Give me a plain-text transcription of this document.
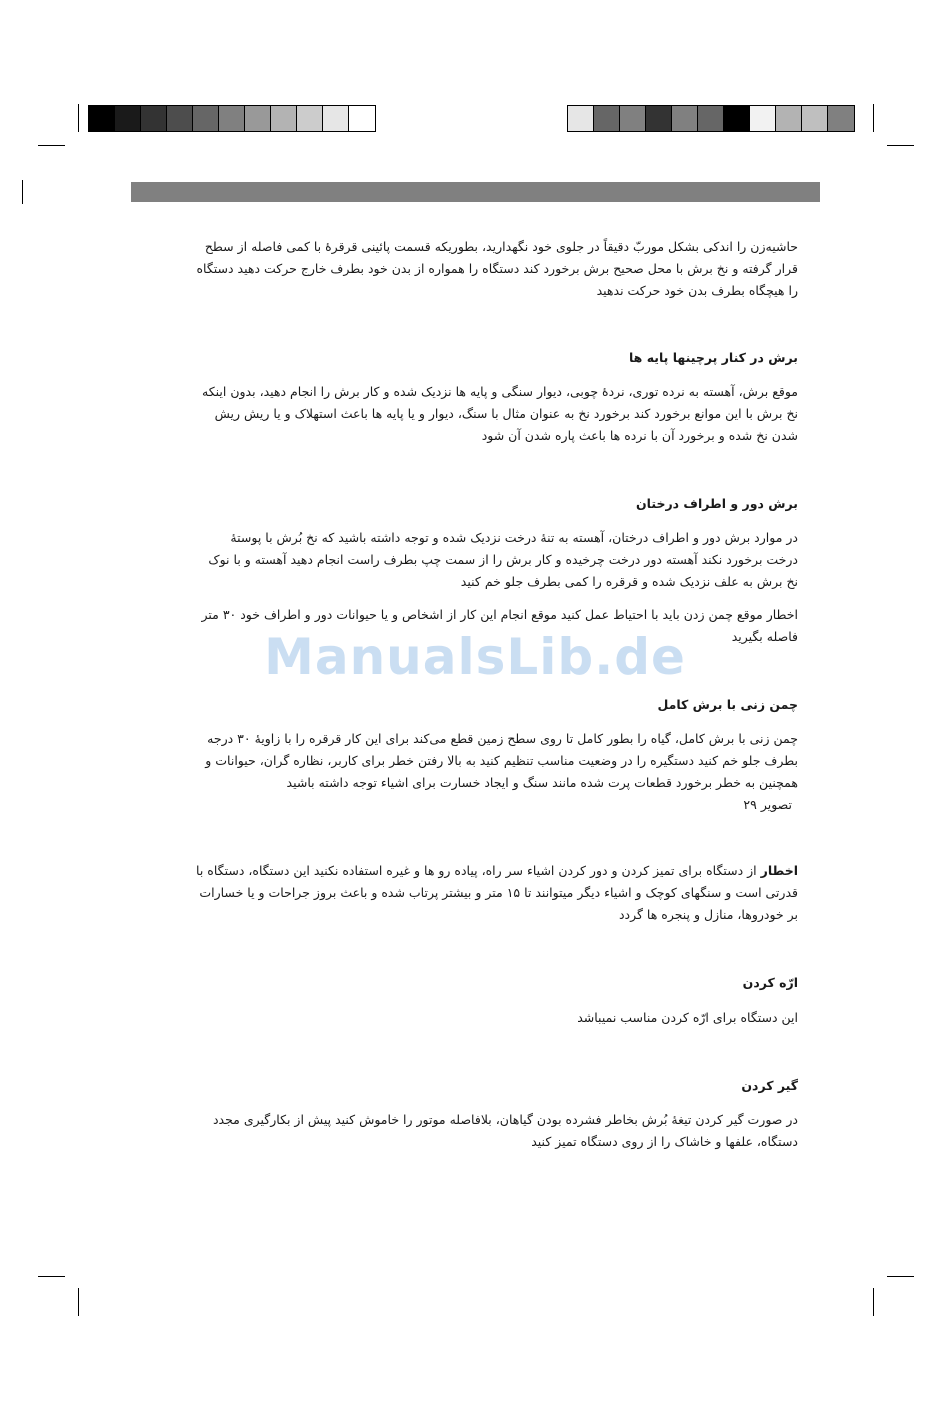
ManualsLib.de

حاشیه‌زن را اندکی بشکل موربّ دقیقاً در جلوی خود نگهدارید، بطوریکه قسمت پائینی قرقرهٔ با کمی فاصله از سطح قرار گرفته و نخ برش با محل صحیح برش برخورد کند دستگاه را همواره از بدن خود بطرف خارج حرکت دهید دستگاه را هیچگاه بطرف بدن خود حرکت ندهید

برش در کنار پرچینها پایه ها

موقع برش، آهسته به نرده توری، نردهٔ چوبی، دیوار سنگی و پایه ها نزدیک شده و کار برش را انجام دهید، بدون اینکه نخ برش با این موانع برخورد کند برخورد نخ به عنوان مثال با سنگ، دیوار و یا پایه ها باعث استهلاک و یا ریش ریش شدن نخ شده و برخورد آن با نرده ها باعث پاره شدن آن شود

برش دور و اطراف درختان

در موارد برش دور و اطراف درختان، آهسته به تنهٔ درخت نزدیک شده و توجه داشته باشید که نخ بُرش با پوستهٔ درخت برخورد نکند آهسته دور درخت چرخیده و کار برش را از سمت چپ بطرف راست انجام دهید آهسته و با نوک نخ برش به علف نزدیک شده و قرقره را کمی بطرف جلو خم کنید

اخطار موقع چمن زدن باید با احتیاط عمل کنید موقع انجام این کار از اشخاص و یا حیوانات دور و اطراف خود ۳۰ متر فاصله بگیرید

چمن زنی با برش کامل

چمن زنی با برش کامل، گیاه را بطور کامل تا روی سطح زمین قطع می‌کند برای این کار قرقره را با زاویهٔ ۳۰ درجه بطرف جلو خم کنید دستگیره را در وضعیت مناسب تنظیم کنید به بالا رفتن خطر برای کاربر، نظاره گران، حیوانات و همچنین به خطر برخورد قطعات پرت شده مانند سنگ و ایجاد خسارت برای اشیاء توجه داشته باشید

تصویر ۲۹

اخطار از دستگاه برای تمیز کردن و دور کردن اشیاء سر راه، پیاده رو ها و غیره استفاده نکنید این دستگاه، دستگاه با قدرتی است و سنگهای کوچک و اشیاء دیگر میتوانند تا ۱۵ متر و بیشتر پرتاب شده و باعث بروز جراحات و یا خسارات بر خودروها، منازل و پنجره ها گردد

ارّه کردن

این دستگاه برای ارّه کردن مناسب نمیباشد

گیر کردن

در صورت گیر کردن تیغهٔ بُرش بخاطر فشرده بودن گیاهان، بلافاصله موتور را خاموش کنید پیش از بکارگیری مجدد دستگاه، علفها و خاشاک را از روی دستگاه تمیز کنید
